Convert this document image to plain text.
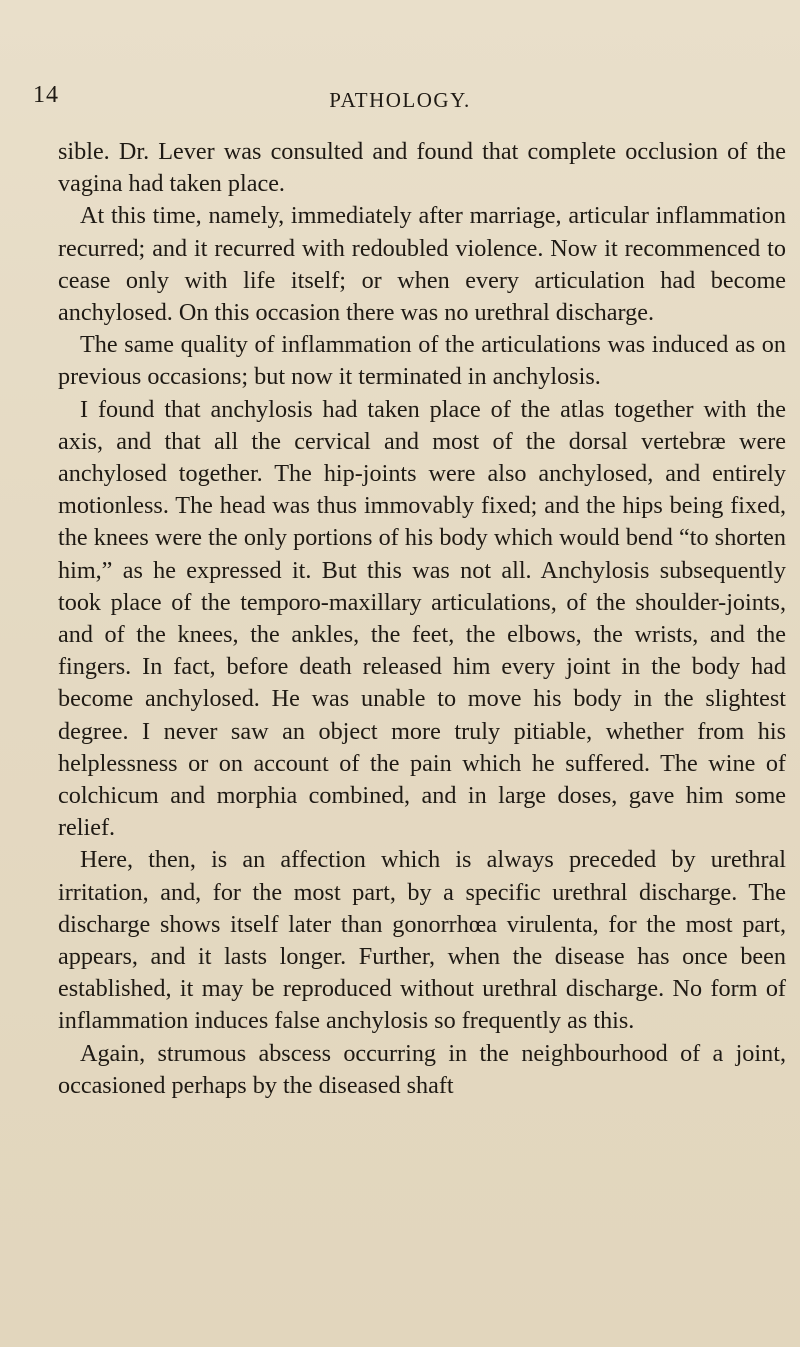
14	PATHOLOGY.

sible. Dr. Lever was consulted and found that complete occlusion of the vagina had taken place.

At this time, namely, immediately after marriage, articular inflammation recurred; and it recurred with redoubled violence. Now it recommenced to cease only with life itself; or when every articulation had become anchylosed. On this occasion there was no urethral discharge.

The same quality of inflammation of the articulations was induced as on previous occasions; but now it terminated in anchylosis.

I found that anchylosis had taken place of the atlas together with the axis, and that all the cervical and most of the dorsal vertebræ were anchylosed together. The hip-joints were also anchylosed, and entirely motionless. The head was thus immovably fixed; and the hips being fixed, the knees were the only portions of his body which would bend “to shorten him,” as he expressed it. But this was not all. Anchylosis subsequently took place of the temporo-maxillary articulations, of the shoulder-joints, and of the knees, the ankles, the feet, the elbows, the wrists, and the fingers. In fact, before death released him every joint in the body had become anchylosed. He was unable to move his body in the slightest degree. I never saw an object more truly pitiable, whether from his helplessness or on account of the pain which he suffered. The wine of colchicum and morphia combined, and in large doses, gave him some relief.

Here, then, is an affection which is always preceded by urethral irritation, and, for the most part, by a specific urethral discharge. The discharge shows itself later than gonorrhœa virulenta, for the most part, appears, and it lasts longer. Further, when the disease has once been established, it may be reproduced without urethral discharge. No form of inflammation induces false anchylosis so frequently as this.

Again, strumous abscess occurring in the neighbourhood of a joint, occasioned perhaps by the diseased shaft
